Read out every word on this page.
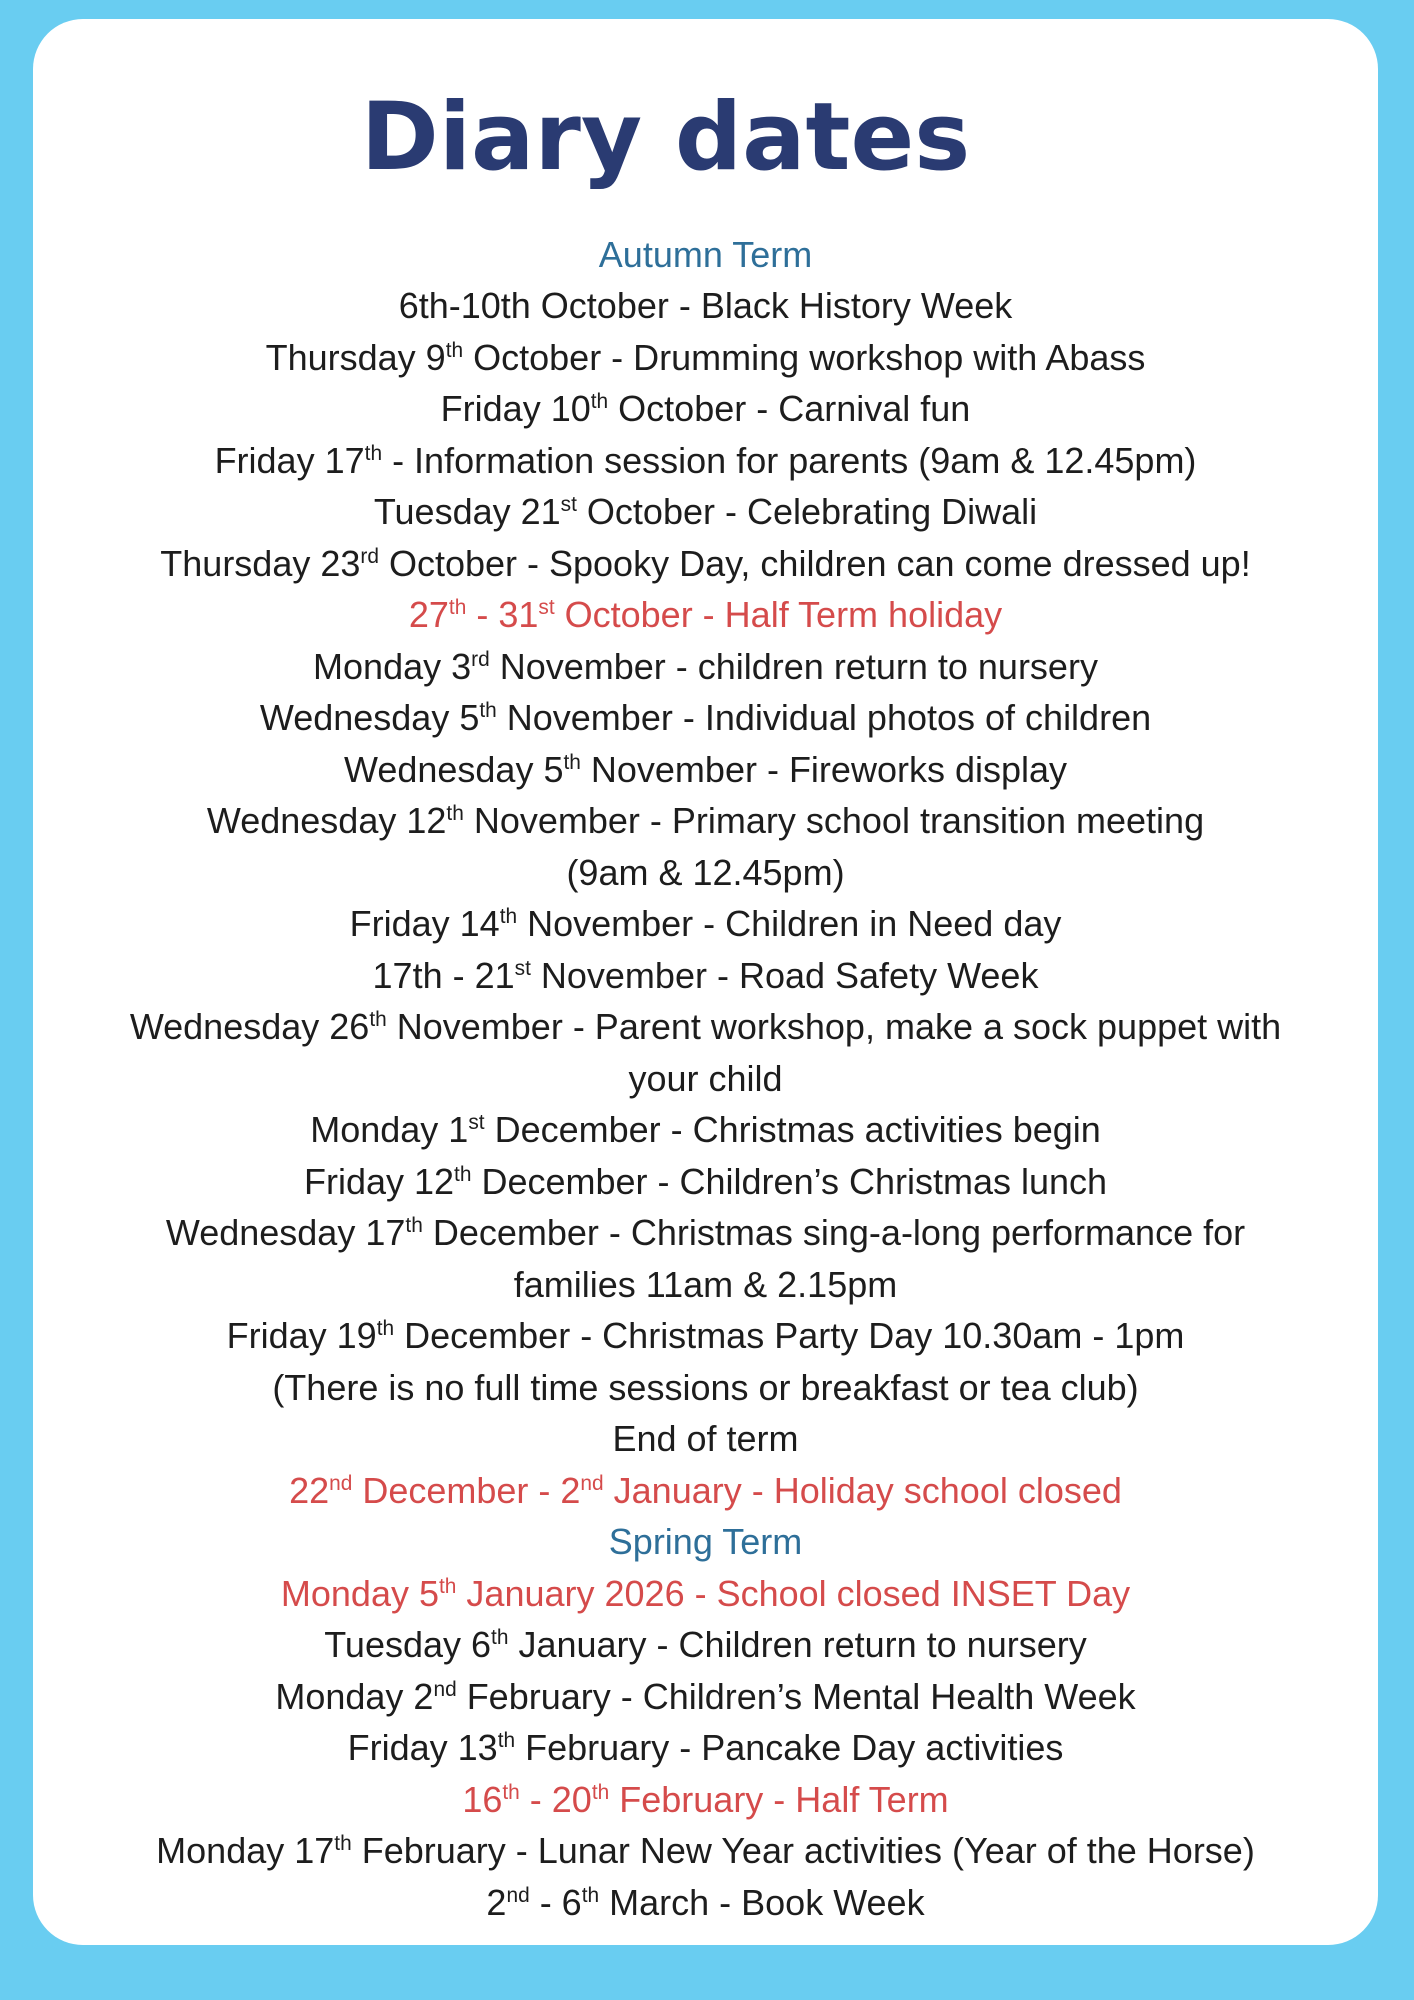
Diary dates
Autumn Term
6th-10th October - Black History Week
Thursday 9th October - Drumming workshop with Abass
Friday 10th October - Carnival fun
Friday 17th - Information session for parents (9am & 12.45pm)
Tuesday 21st October - Celebrating Diwali
Thursday 23rd October - Spooky Day, children can come dressed up!
27th - 31st October - Half Term holiday
Monday 3rd November - children return to nursery
Wednesday 5th November - Individual photos of children
Wednesday 5th November - Fireworks display
Wednesday 12th November - Primary school transition meeting
(9am & 12.45pm)
Friday 14th November - Children in Need day
17th - 21st November - Road Safety Week
Wednesday 26th November - Parent workshop, make a sock puppet with
your child
Monday 1st December - Christmas activities begin
Friday 12th December - Children’s Christmas lunch
Wednesday 17th December - Christmas sing-a-long performance for
families 11am & 2.15pm
Friday 19th December - Christmas Party Day 10.30am - 1pm
(There is no full time sessions or breakfast or tea club)
End of term
22nd December - 2nd January - Holiday school closed
Spring Term
Monday 5th January 2026 - School closed INSET Day
Tuesday 6th January - Children return to nursery
Monday 2nd February - Children’s Mental Health Week
Friday 13th February - Pancake Day activities
16th - 20th February - Half Term
Monday 17th February - Lunar New Year activities (Year of the Horse)
2nd - 6th March - Book Week
